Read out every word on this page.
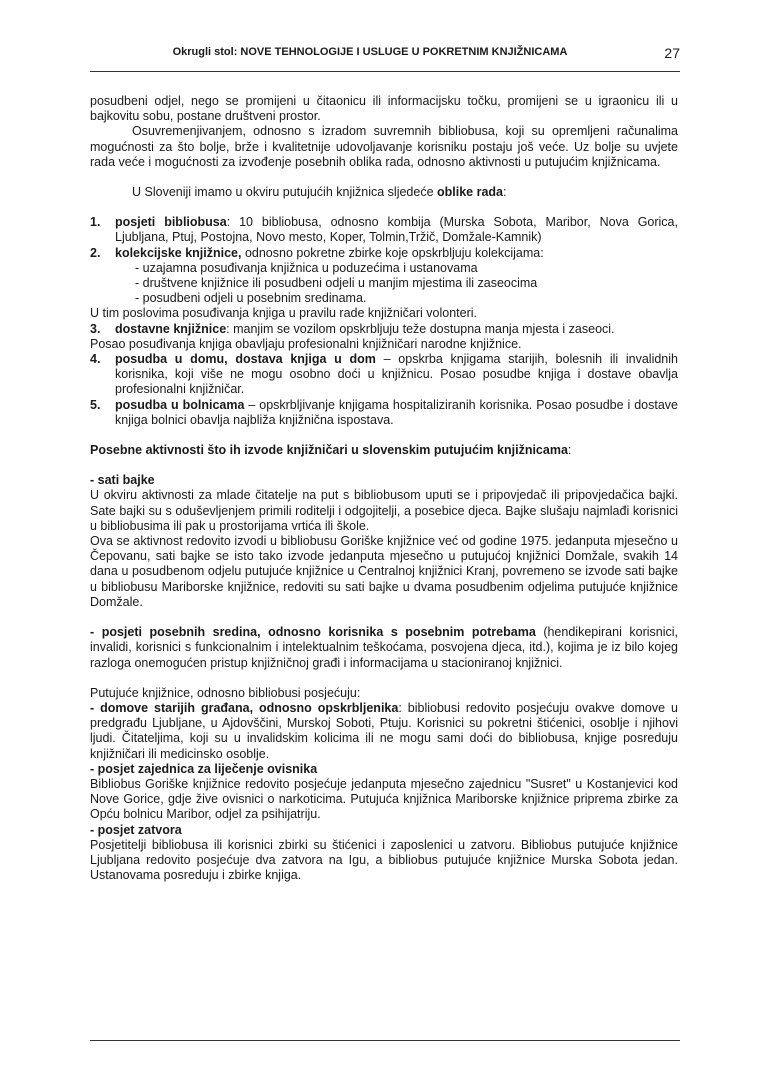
Okrugli stol: NOVE TEHNOLOGIJE I USLUGE U POKRETNIM KNJIŽNICAMA	27

posudbeni odjel, nego se promijeni u čitaonicu ili informacijsku točku, promijeni se u igraonicu ili u bajkovitu sobu, postane društveni prostor.

Osuvremenjivanjem, odnosno s izradom suvremnih bibliobusa, koji su opremljeni računalima mogućnosti za što bolje, brže i kvalitetnije udovoljavanje korisniku postaju još veće. Uz bolje su uvjete rada veće i mogućnosti za izvođenje posebnih oblika rada, odnosno aktivnosti u putujućim knjižnicama.

U Sloveniji imamo u okviru putujućih knjižnica sljedeće oblike rada:

1.	posjeti bibliobusa: 10 bibliobusa, odnosno kombija (Murska Sobota, Maribor, Nova Gorica, Ljubljana, Ptuj, Postojna, Novo mesto, Koper, Tolmin,Tržič, Domžale-Kamnik)
2.	kolekcijske knjižnice, odnosno pokretne zbirke koje opskrbljuju kolekcijama:

- uzajamna posuđivanja knjižnica u poduzećima i ustanovama

- društvene knjižnice ili posudbeni odjeli u manjim mjestima ili zaseocima

- posudbeni odjeli u posebnim sredinama.

U tim poslovima posuđivanja knjiga u pravilu rade knjižničari volonteri.

3.	dostavne knjižnice: manjim se vozilom opskrbljuju teže dostupna manja mjesta i zaseoci.

Posao posuđivanja knjiga obavljaju profesionalni knjižničari narodne knjižnice.

4.	posudba u domu, dostava knjiga u dom – opskrba knjigama starijih, bolesnih ili invalidnih korisnika, koji više ne mogu osobno doći u knjižnicu. Posao posudbe knjiga i dostave obavlja profesionalni knjižničar.
5.	posudba u bolnicama – opskrbljivanje knjigama hospitaliziranih korisnika. Posao posudbe i dostave knjiga bolnici obavlja najbliža knjižnična ispostava.

Posebne aktivnosti što ih izvode knjižničari u slovenskim putujućim knjižnicama:

- sati bajke

U okviru aktivnosti za mlade čitatelje na put s bibliobusom uputi se i pripovjedač ili pripovjedačica bajki. Sate bajki su s oduševljenjem primili roditelji i odgojitelji, a posebice djeca. Bajke slušaju najmlađi korisnici u bibliobusima ili pak u prostorijama vrtića ili škole.

Ova se aktivnost redovito izvodi u bibliobusu Goriške knjižnice već od godine 1975. jedanputa mjesečno u Čepovanu, sati bajke se isto tako izvode jedanputa mjesečno u putujućoj knjižnici Domžale, svakih 14 dana u posudbenom odjelu putujuće knjižnice u Centralnoj knjižnici Kranj, povremeno se izvode sati bajke u bibliobusu Mariborske knjižnice, redoviti su sati bajke u dvama posudbenim odjelima putujuće knjižnice Domžale.

- posjeti posebnih sredina, odnosno korisnika s posebnim potrebama (hendikepirani korisnici, invalidi, korisnici s funkcionalnim i intelektualnim teškoćama, posvojena djeca, itd.), kojima je iz bilo kojeg razloga onemogućen pristup knjižničnoj građi i informacijama u stacioniranoj knjižnici.

Putujuće knjižnice, odnosno bibliobusi posjećuju:

- domove starijih građana, odnosno opskrbljenika: bibliobusi redovito posjećuju ovakve domove u predgrađu Ljubljane, u Ajdovščini, Murskoj Soboti, Ptuju. Korisnici su pokretni štićenici, osoblje i njihovi ljudi. Čitateljima, koji su u invalidskim kolicima ili ne mogu sami doći do bibliobusa, knjige posreduju knjižničari ili medicinsko osoblje.

- posjet zajednica za liječenje ovisnika

Bibliobus Goriške knjižnice redovito posjećuje jedanputa mjesečno zajednicu "Susret" u Kostanjevici kod Nove Gorice, gdje žive ovisnici o narkoticima. Putujuća knjižnica Mariborske knjižnice priprema zbirke za Opću bolnicu Maribor, odjel za psihijatriju.

- posjet zatvora

Posjetitelji bibliobusa ili korisnici zbirki su štićenici i zaposlenici u zatvoru. Bibliobus putujuće knjižnice Ljubljana redovito posjećuje dva zatvora na Igu, a bibliobus putujuće knjižnice Murska Sobota jedan. Ustanovama posreduju i zbirke knjiga.
